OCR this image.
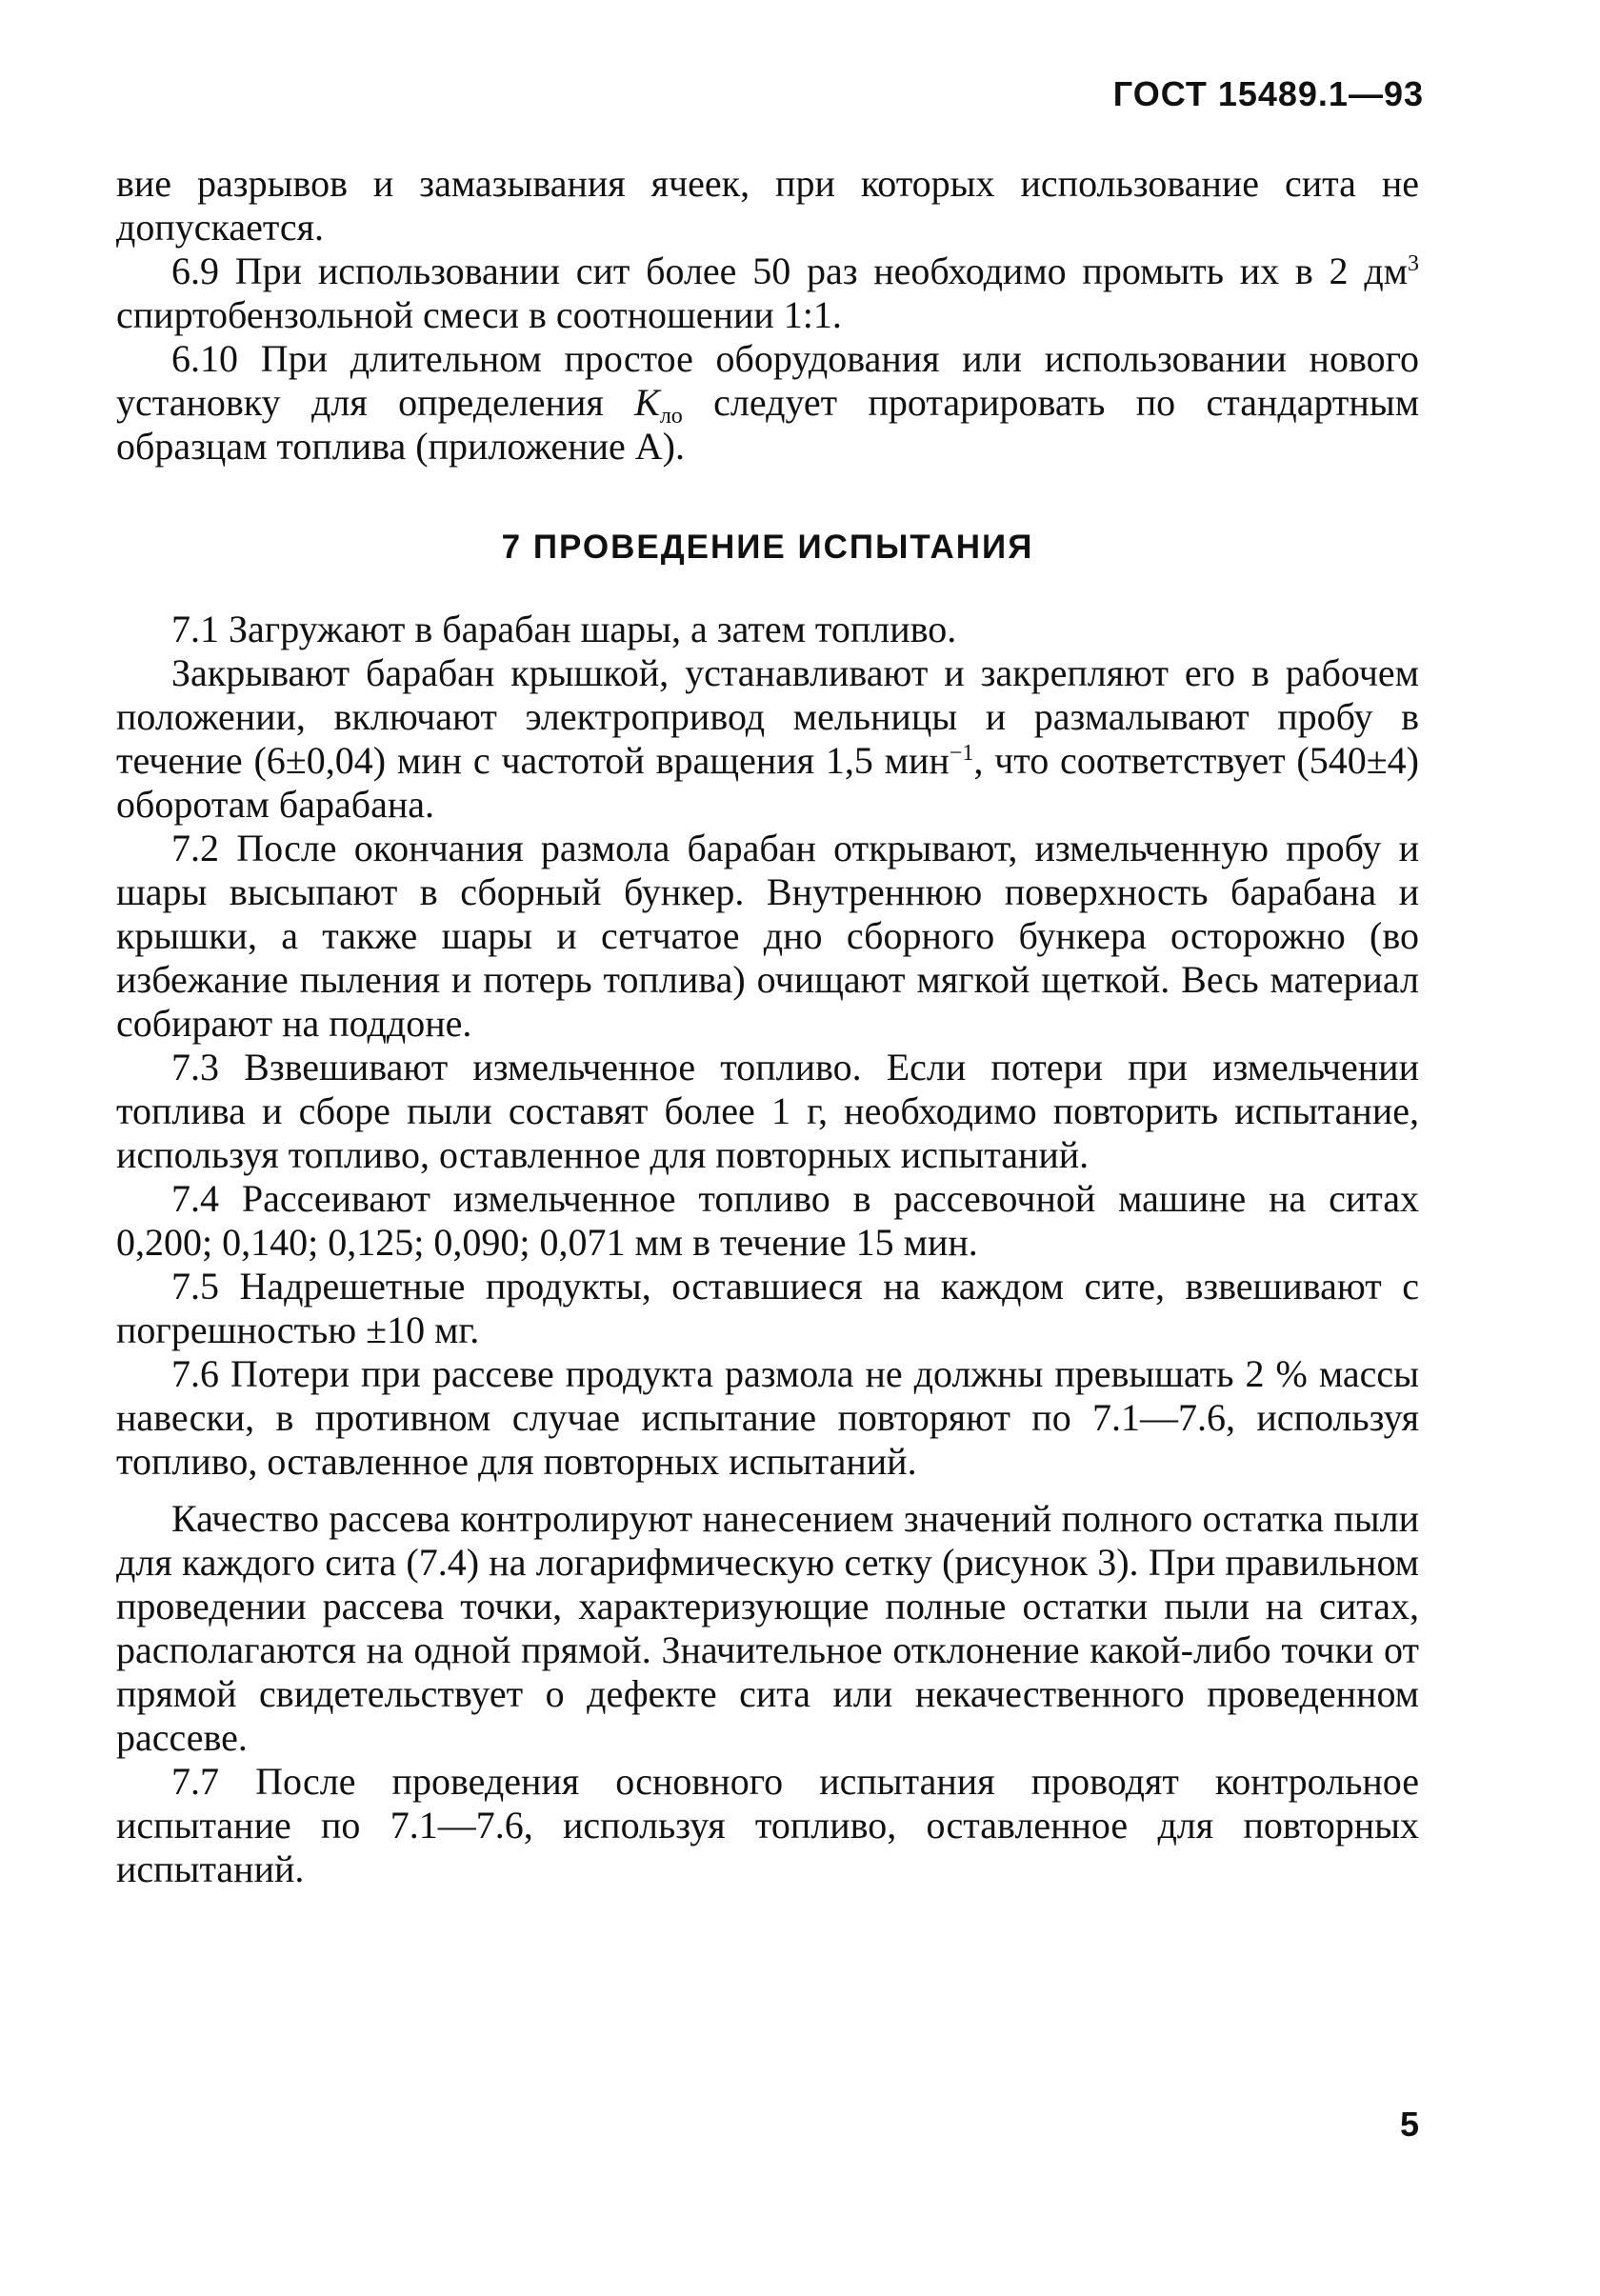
ГОСТ 15489.1—93

вие разрывов и замазывания ячеек, при которых использование сита не допускается.

6.9 При использовании сит более 50 раз необходимо промыть их в 2 $дм^3$ спиртобензольной смеси в соотношении 1:1.

6.10 При длительном простое оборудования или использовании нового установку для определения $K_{ло}$ следует протарировать по стандартным образцам топлива (приложение А).

7 ПРОВЕДЕНИЕ ИСПЫТАНИЯ

7.1 Загружают в барабан шары, а затем топливо.

Закрывают барабан крышкой, устанавливают и закрепляют его в рабочем положении, включают электропривод мельницы и размалывают пробу в течение (6±0,04) мин с частотой вращения 1,5 мин$^{-1}$, что соответствует (540±4) оборотам барабана.

7.2 После окончания размола барабан открывают, измельченную пробу и шары высыпают в сборный бункер. Внутреннюю поверхность барабана и крышки, а также шары и сетчатое дно сборного бункера осторожно (во избежание пыления и потерь топлива) очищают мягкой щеткой. Весь материал собирают на поддоне.

7.3 Взвешивают измельченное топливо. Если потери при измельчении топлива и сборе пыли составят более 1 г, необходимо повторить испытание, используя топливо, оставленное для повторных испытаний.

7.4 Рассеивают измельченное топливо в рассевочной машине на ситах 0,200; 0,140; 0,125; 0,090; 0,071 мм в течение 15 мин.

7.5 Надрешетные продукты, оставшиеся на каждом сите, взвешивают с погрешностью ±10 мг.

7.6 Потери при рассеве продукта размола не должны превышать 2 % массы навески, в противном случае испытание повторяют по 7.1—7.6, используя топливо, оставленное для повторных испытаний.

Качество рассева контролируют нанесением значений полного остатка пыли для каждого сита (7.4) на логарифмическую сетку (рисунок 3). При правильном проведении рассева точки, характеризующие полные остатки пыли на ситах, располагаются на одной прямой. Значительное отклонение какой-либо точки от прямой свидетельствует о дефекте сита или некачественного проведенном рассеве.

7.7 После проведения основного испытания проводят контрольное испытание по 7.1—7.6, используя топливо, оставленное для повторных испытаний.

5
